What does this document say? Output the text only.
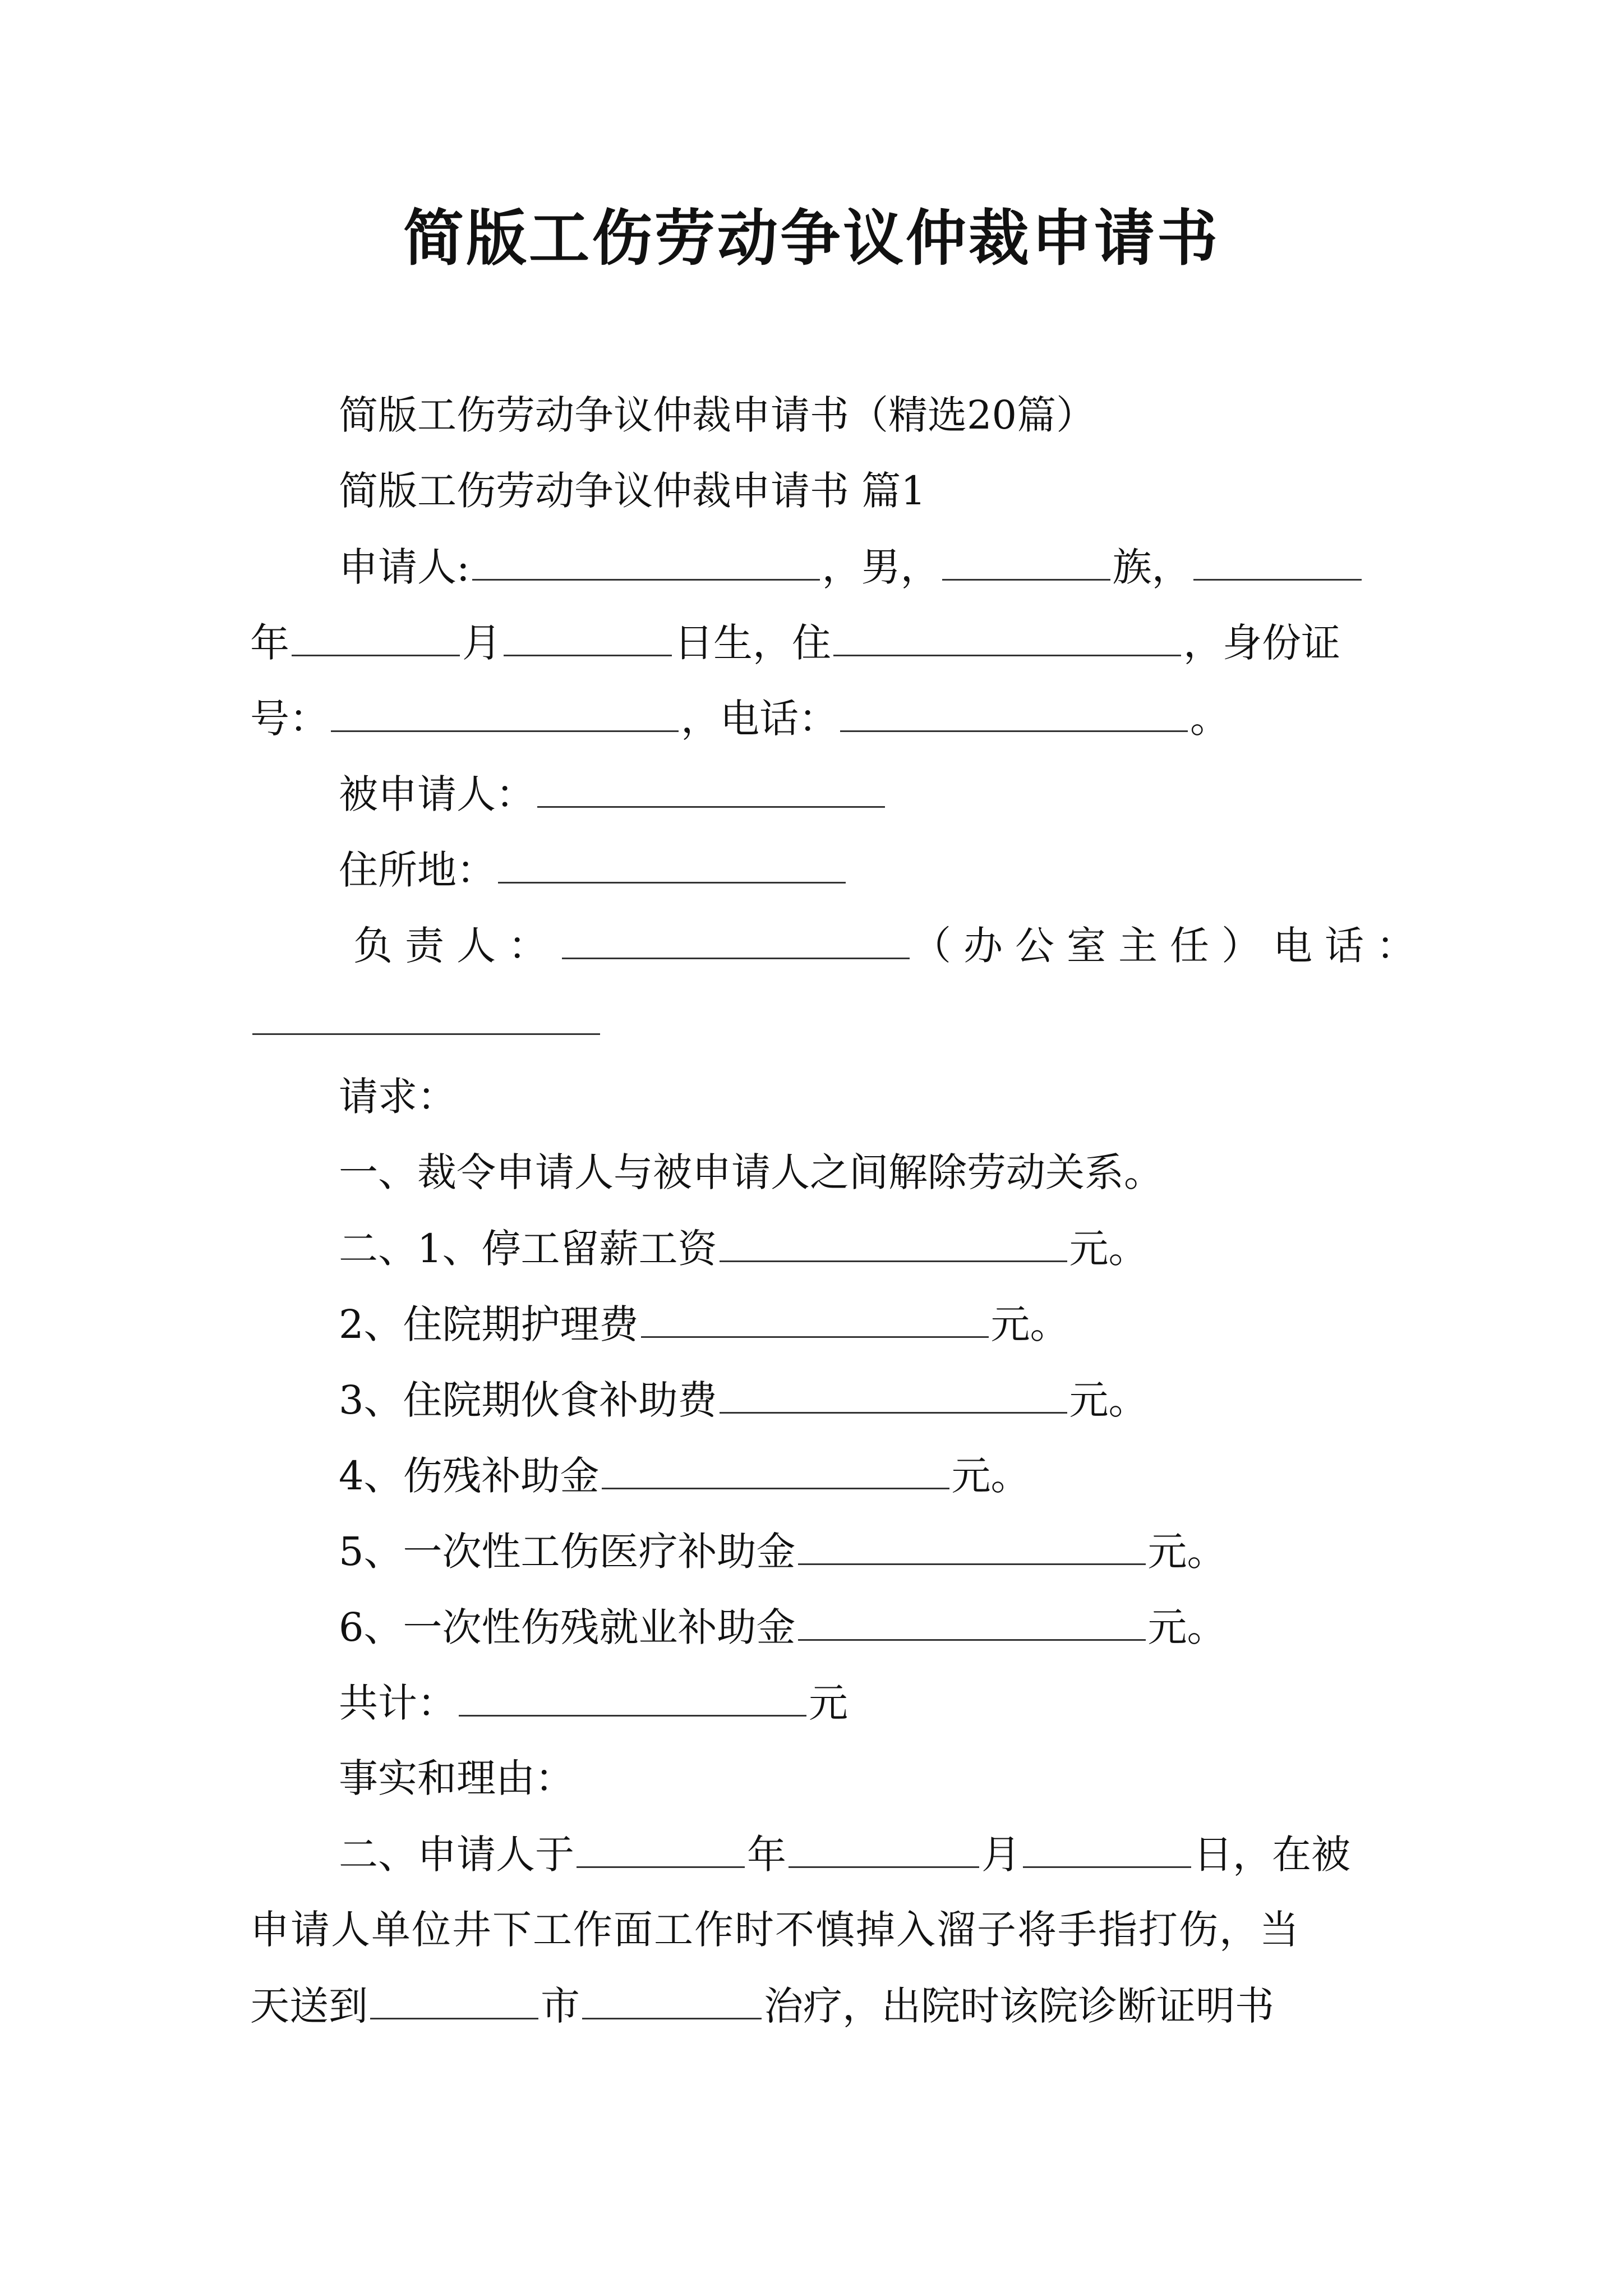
简版工伤劳动争议仲裁申请书
简版工伤劳动争议仲裁申请书（精选20篇）
简版工伤劳动争议仲裁申请书 篇1
申请人:	，男，	族，
年	月	日生，住	，身份证
号：	，电话：	。
被申请人：
住所地：
负责人：	（办公室主任）电话：
请求：
一、裁令申请人与被申请人之间解除劳动关系。
二、1、停工留薪工资	元。
2、住院期护理费	元。
3、住院期伙食补助费	元。
4、伤残补助金	元。
5、一次性工伤医疗补助金	元。
6、一次性伤残就业补助金	元。
共计：	元
事实和理由：
二、申请人于	年	月	日，在被
申请人单位井下工作面工作时不慎掉入溜子将手指打伤，当
天送到	市	治疗，出院时该院诊断证明书
